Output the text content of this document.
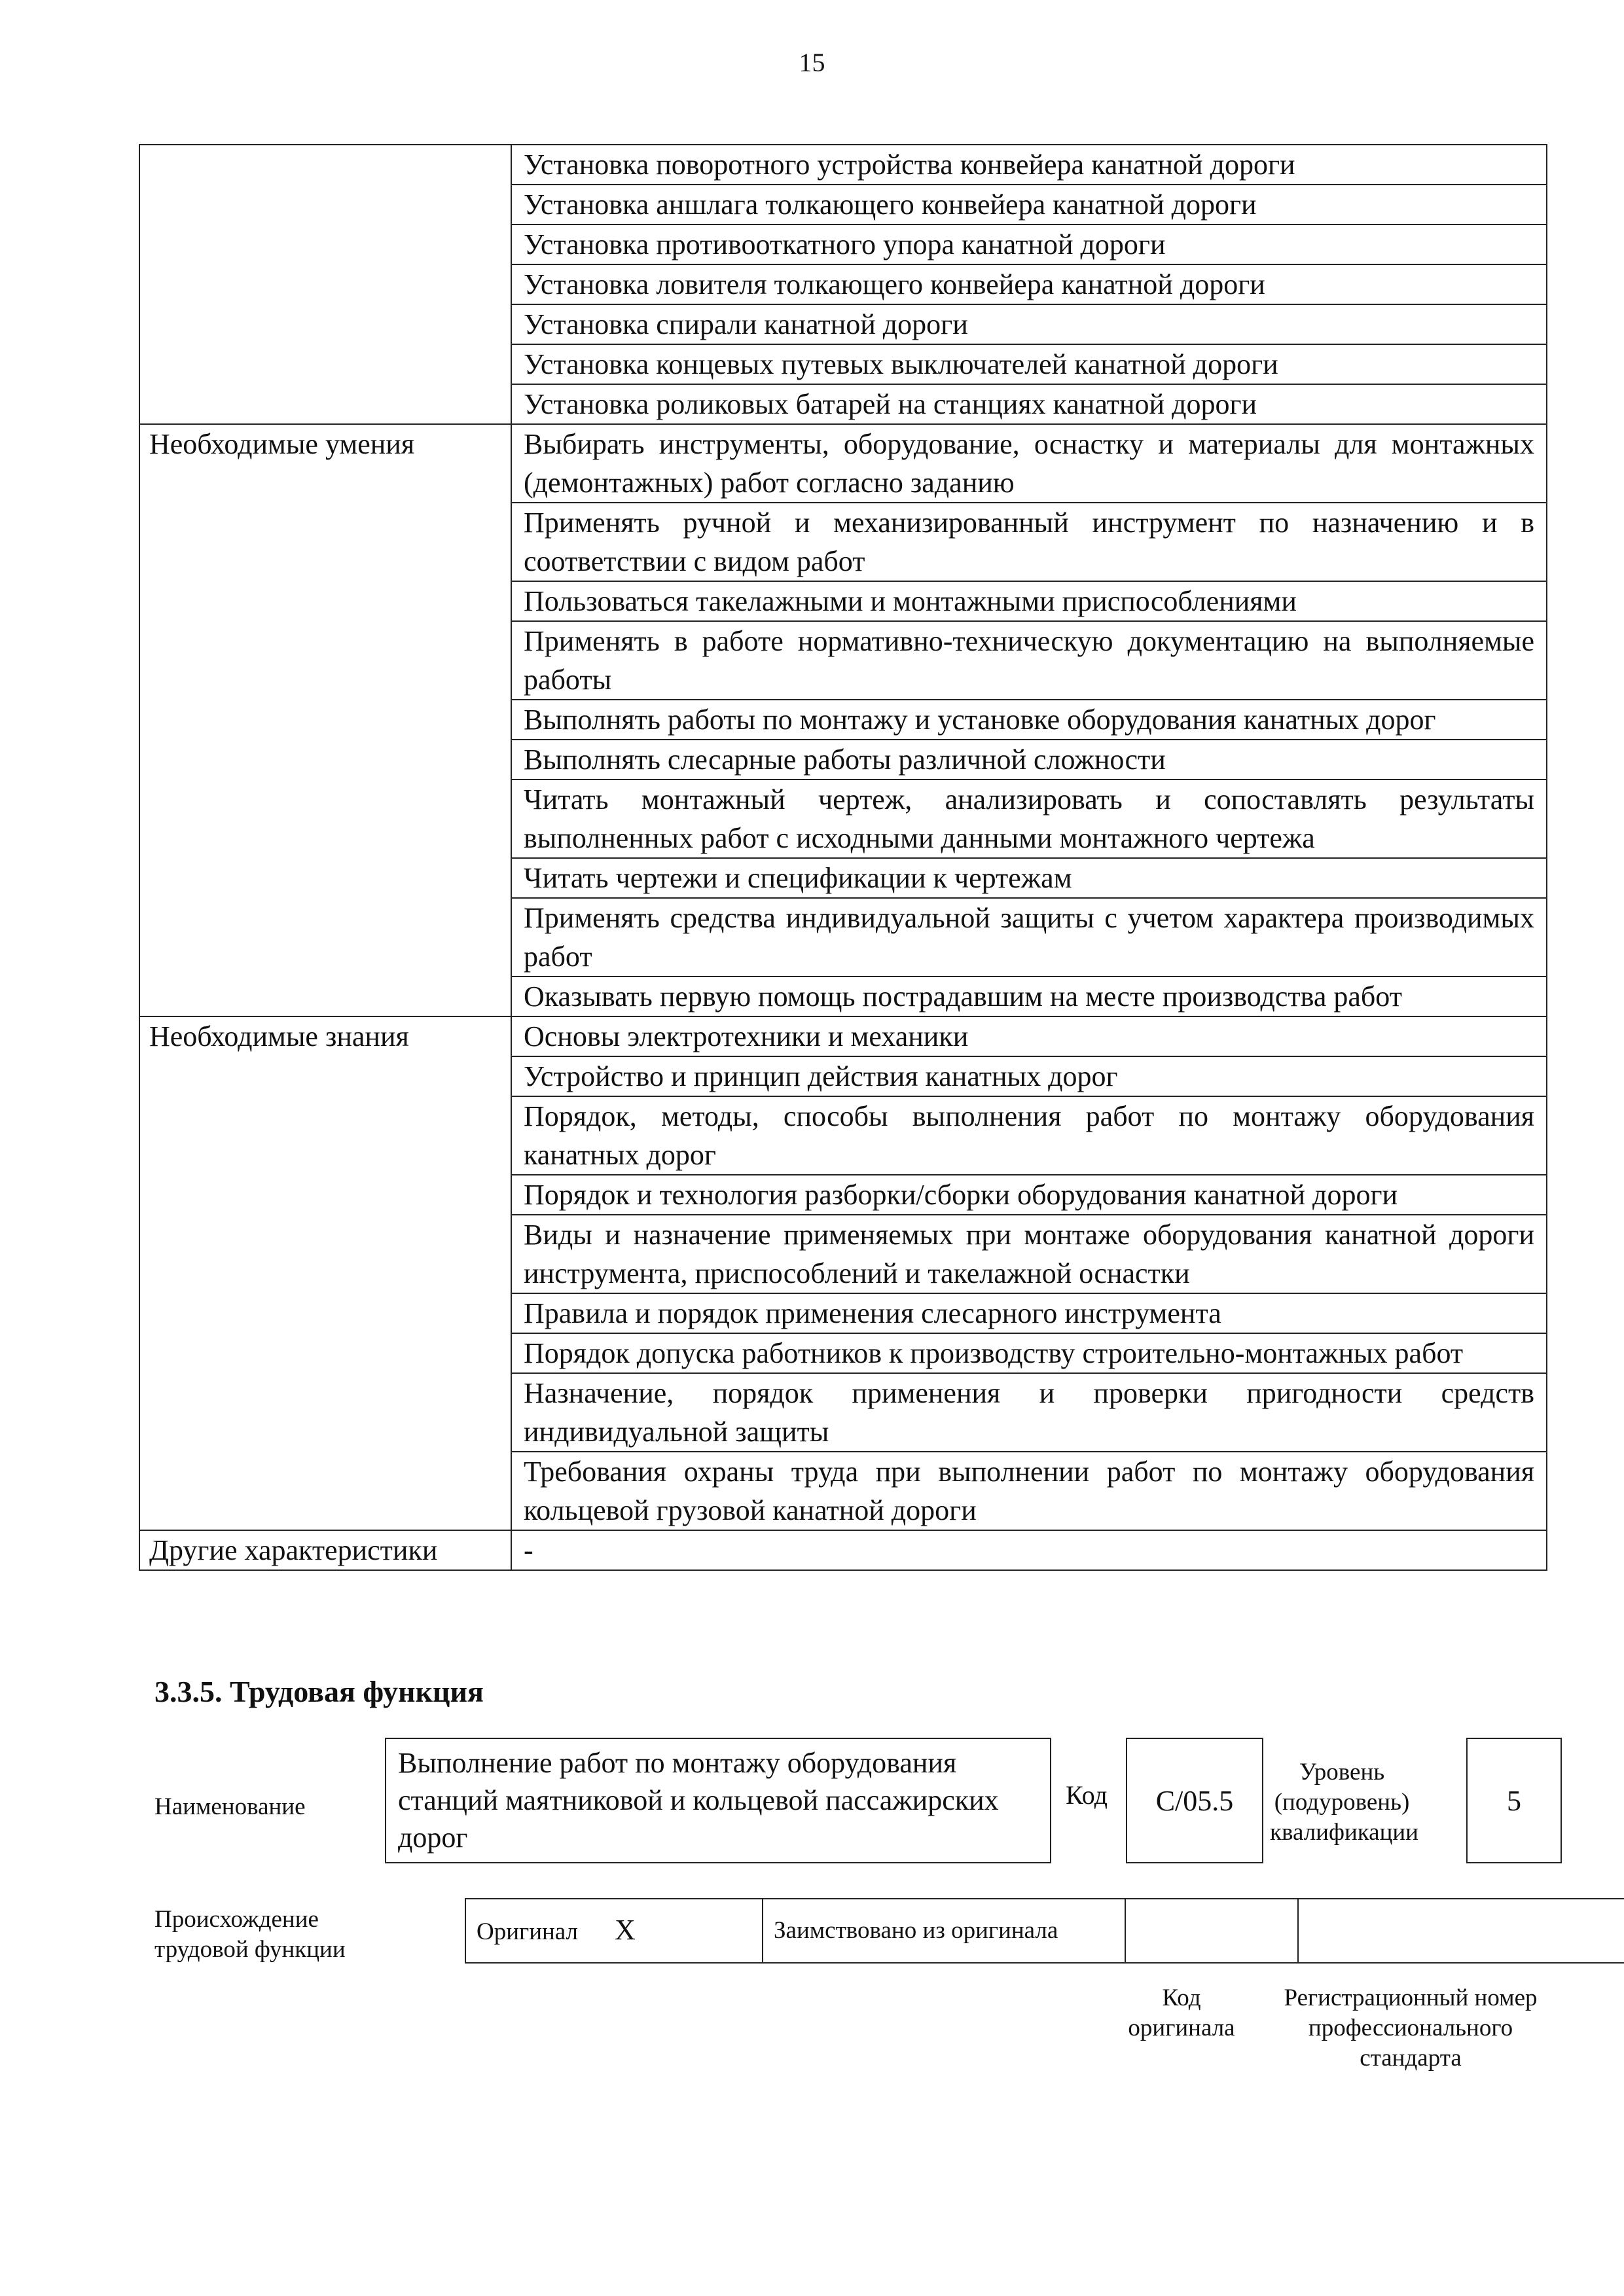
15
	Установка поворотного устройства конвейера канатной дороги
	Установка аншлага толкающего конвейера канатной дороги
	Установка противооткатного упора канатной дороги
	Установка ловителя толкающего конвейера канатной дороги
	Установка спирали канатной дороги
	Установка концевых путевых выключателей канатной дороги
	Установка роликовых батарей на станциях канатной дороги
Необходимые умения	Выбирать инструменты, оборудование, оснастку и материалы для монтажных (демонтажных) работ согласно заданию
	Применять ручной и механизированный инструмент по назначению и в соответствии с видом работ
	Пользоваться такелажными и монтажными приспособлениями
	Применять в работе нормативно-техническую документацию на выполняемые работы
	Выполнять работы по монтажу и установке оборудования канатных дорог
	Выполнять слесарные работы различной сложности
	Читать монтажный чертеж, анализировать и сопоставлять результаты выполненных работ с исходными данными монтажного чертежа
	Читать чертежи и спецификации к чертежам
	Применять средства индивидуальной защиты с учетом характера производимых работ
	Оказывать первую помощь пострадавшим на месте производства работ
Необходимые знания	Основы электротехники и механики
	Устройство и принцип действия канатных дорог
	Порядок, методы, способы выполнения работ по монтажу оборудования канатных дорог
	Порядок и технология разборки/сборки оборудования канатной дороги
	Виды и назначение применяемых при монтаже оборудования канатной дороги инструмента, приспособлений и такелажной оснастки
	Правила и порядок применения слесарного инструмента
	Порядок допуска работников к производству строительно-монтажных работ
	Назначение, порядок применения и проверки пригодности средств индивидуальной защиты
	Требования охраны труда при выполнении работ по монтажу оборудования кольцевой грузовой канатной дороги
Другие характеристики	-
3.3.5. Трудовая функция
Наименование
Выполнение работ по монтажу оборудования станций маятниковой и кольцевой пассажирских дорог
Код	C/05.5
Уровень (подуровень) квалификации
5
Происхождение трудовой функции
Оригинал X	Заимствовано из оригинала		
Код оригинала
Регистрационный номер профессионального стандарта
